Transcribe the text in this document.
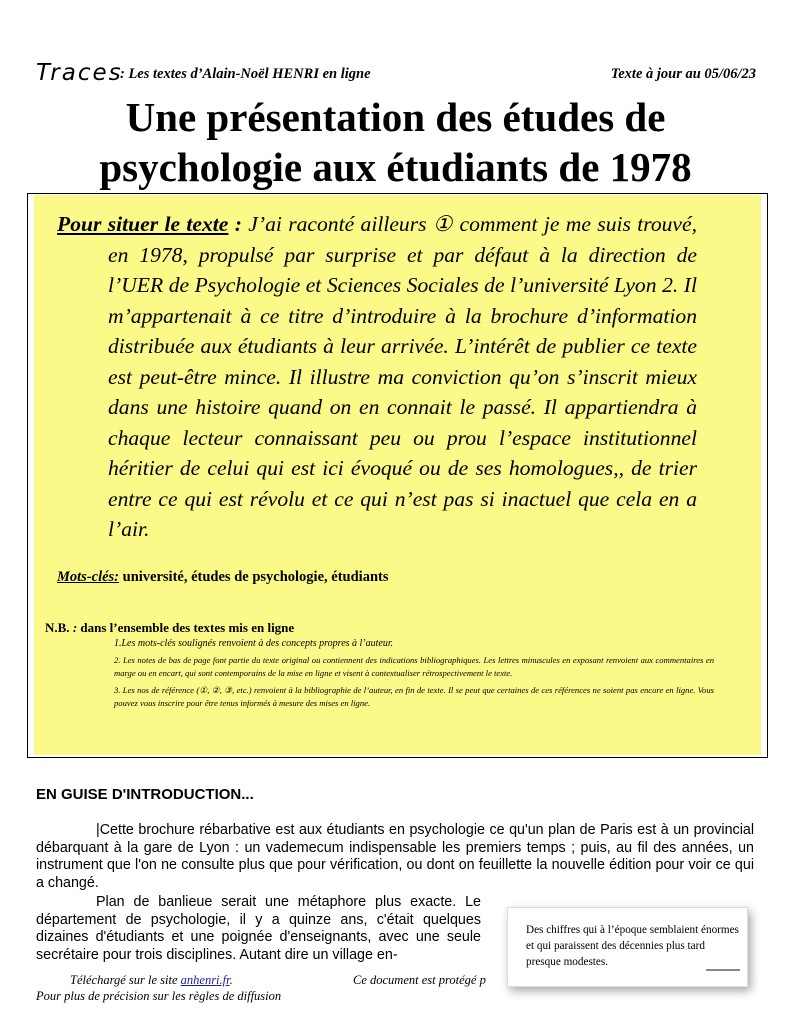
Traces
: Les textes d’Alain-Noël HENRI en ligne	Texte à jour au 05/06/23
Une présentation des études de
psychologie aux étudiants de 1978

Pour situer le texte : J’ai raconté ailleurs ① comment je me suis trouvé, en 1978, propulsé par surprise et par défaut à la direction de l’UER de Psychologie et Sciences Sociales de l’université Lyon 2. Il m’appartenait à ce titre d’introduire à la brochure d’information distribuée aux étudiants à leur arrivée. L’intérêt de publier ce texte est peut-être mince. Il illustre ma conviction qu’on s’inscrit mieux dans une histoire quand on en connait le passé. Il appartiendra à chaque lecteur connaissant peu ou prou l’espace institutionnel héritier de celui qui est ici évoqué ou de ses homologues,, de trier entre ce qui est révolu et ce qui n’est pas si inactuel que cela en a l’air.

Mots-clés: université, études de psychologie, étudiants
N.B. : dans l’ensemble des textes mis en ligne

1.Les mots-clés soulignés renvoient à des concepts propres à l’auteur.

2. Les notes de bas de page font partie du texte original ou contiennent des indications bibliographiques. Les lettres minuscules en exposant renvoient aux commentaires en marge ou en encart, qui sont contemporains de la mise en ligne et visent à contextualiser rétrospectivement le texte.

3. Les nos de référence (①, ②, ③, etc.) renvoient à la bibliographie de l’auteur, en fin de texte. Il se peut que certaines de ces références ne soient pas encore en ligne. Vous pouvez vous inscrire pour être tenus informés à mesure des mises en ligne.

EN GUISE D'INTRODUCTION...

|Cette brochure rébarbative est aux étudiants en psychologie ce qu'un plan de Paris est à un provincial débarquant à la gare de Lyon : un vademecum indispensable les premiers temps ; puis, au fil des années, un instrument que l'on ne consulte plus que pour vérification, ou dont on feuillette la nouvelle édition pour voir ce qui a changé.

Plan de banlieue serait une métaphore plus exacte. Le département de psychologie, il y a quinze ans, c'était quelques dizaines d'étudiants et une poignée d'enseignants, avec une seule secrétaire pour trois disciplines. Autant dire un village en-

Des chiffres qui à l’époque semblaient énormes et qui paraissent des décennies plus tard presque modestes.
Téléchargé sur le site anhenri.fr.	Ce document est protégé p
Pour plus de précision sur les règles de diffusion
